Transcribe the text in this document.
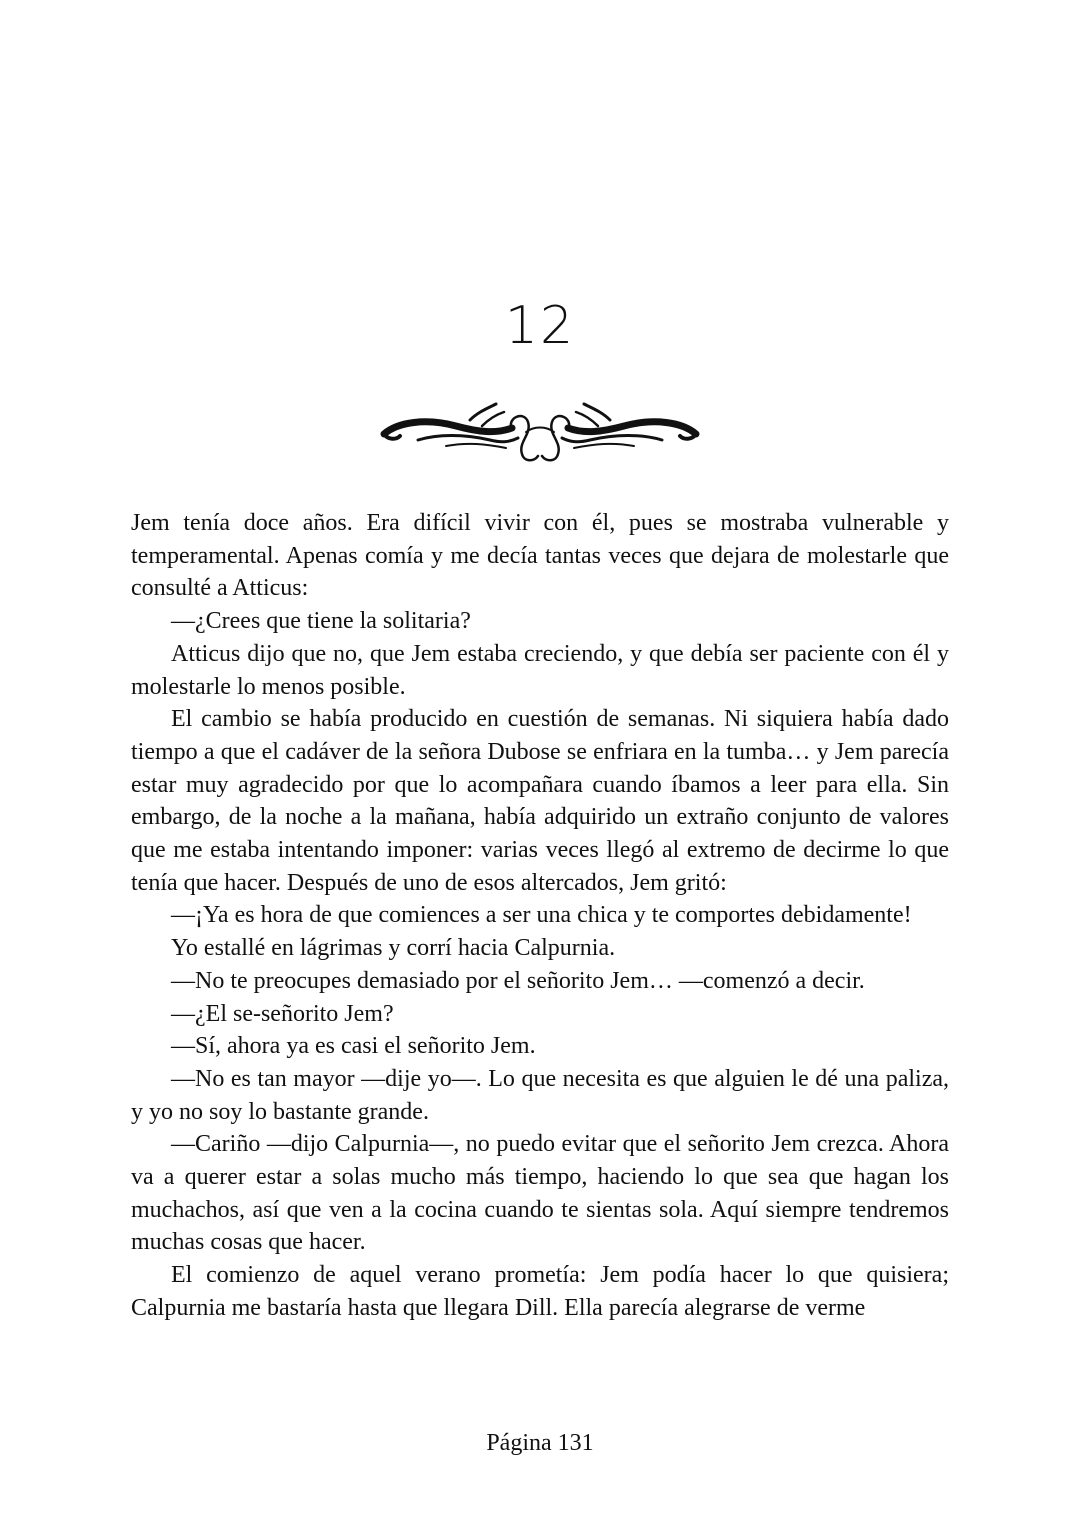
12

Jem tenía doce años. Era difícil vivir con él, pues se mostraba vulnerable y temperamental. Apenas comía y me decía tantas veces que dejara de molestarle que consulté a Atticus:

—¿Crees que tiene la solitaria?

Atticus dijo que no, que Jem estaba creciendo, y que debía ser paciente con él y molestarle lo menos posible.

El cambio se había producido en cuestión de semanas. Ni siquiera había dado tiempo a que el cadáver de la señora Dubose se enfriara en la tumba… y Jem parecía estar muy agradecido por que lo acompañara cuando íbamos a leer para ella. Sin embargo, de la noche a la mañana, había adquirido un extraño conjunto de valores que me estaba intentando imponer: varias veces llegó al extremo de decirme lo que tenía que hacer. Después de uno de esos altercados, Jem gritó:

—¡Ya es hora de que comiences a ser una chica y te comportes debidamente!

Yo estallé en lágrimas y corrí hacia Calpurnia.

—No te preocupes demasiado por el señorito Jem… —comenzó a decir.

—¿El se-señorito Jem?

—Sí, ahora ya es casi el señorito Jem.

—No es tan mayor —dije yo—. Lo que necesita es que alguien le dé una paliza, y yo no soy lo bastante grande.

—Cariño —dijo Calpurnia—, no puedo evitar que el señorito Jem crezca. Ahora va a querer estar a solas mucho más tiempo, haciendo lo que sea que hagan los muchachos, así que ven a la cocina cuando te sientas sola. Aquí siempre tendremos muchas cosas que hacer.

El comienzo de aquel verano prometía: Jem podía hacer lo que quisiera; Calpurnia me bastaría hasta que llegara Dill. Ella parecía alegrarse de verme

Página 131
